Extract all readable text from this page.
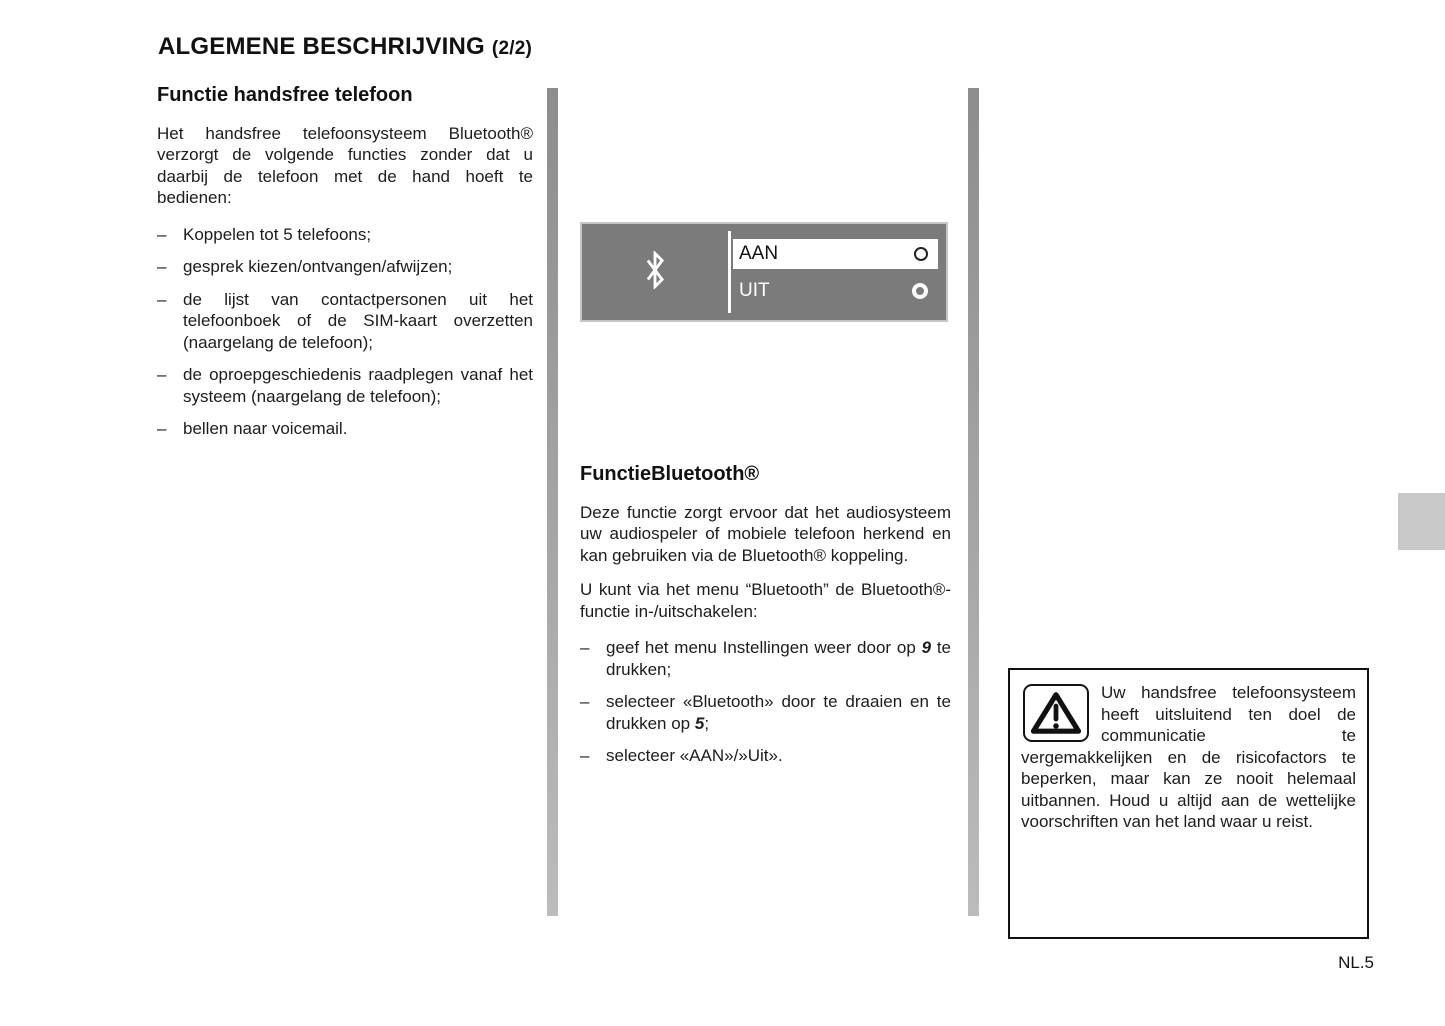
ALGEMENE BESCHRIJVING (2/2)
Functie handsfree telefoon

Het handsfree telefoonsysteem Bluetooth® verzorgt de volgende functies zonder dat u daarbij de telefoon met de hand hoeft te bedienen:

– Koppelen tot 5 telefoons;
– gesprek kiezen/ontvangen/afwijzen;
– de lijst van contactpersonen uit het telefoonboek of de SIM-kaart overzetten (naargelang de telefoon);
– de oproepgeschiedenis raadplegen vanaf het systeem (naargelang de telefoon);
– bellen naar voicemail.
AAN
UIT
FunctieBluetooth®

Deze functie zorgt ervoor dat het audiosysteem uw audiospeler of mobiele telefoon herkend en kan gebruiken via de Bluetooth® koppeling.

U kunt via het menu “Bluetooth” de Bluetooth®-functie in-/uitschakelen:

– geef het menu Instellingen weer door op 9 te drukken;
– selecteer «Bluetooth» door te draaien en te drukken op 5;
– selecteer «AAN»/»Uit».
Uw handsfree telefoonsysteem heeft uitsluitend ten doel de communicatie te vergemakkelijken en de risicofactors te beperken, maar kan ze nooit helemaal uitbannen. Houd u altijd aan de wettelijke voorschriften van het land waar u reist.
NL.5
